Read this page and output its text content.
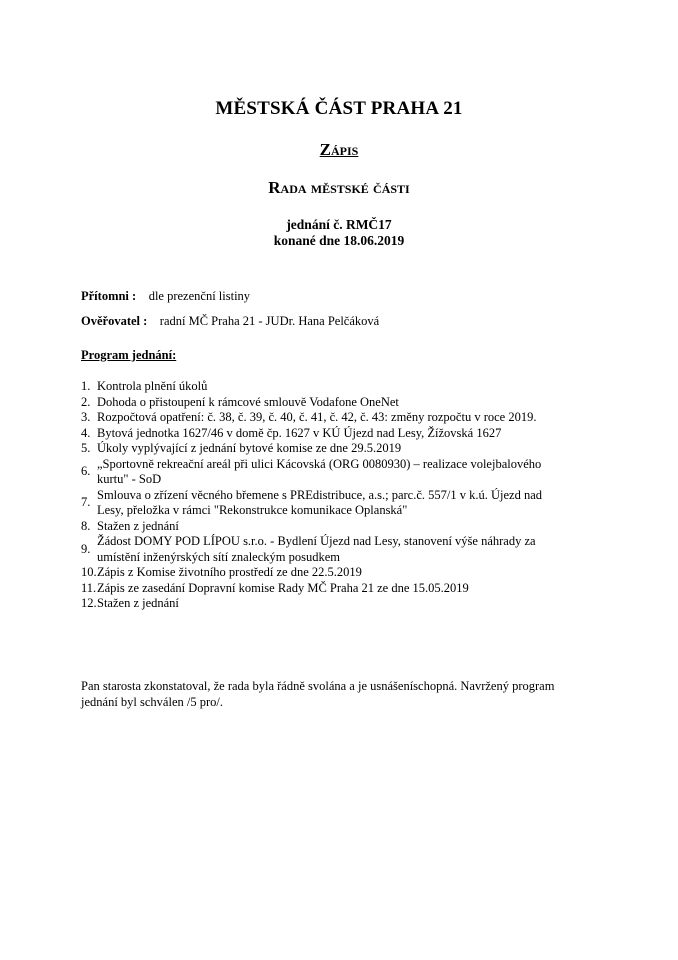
MĚSTSKÁ ČÁST PRAHA 21
Zápis
Rada městské části
jednání č. RMČ17
konané dne 18.06.2019
Přítomni : dle prezenční listiny
Ověřovatel : radní MČ Praha 21 - JUDr. Hana Pelčáková
Program jednání:
1. Kontrola plnění úkolů
2. Dohoda o přistoupení k rámcové smlouvě Vodafone OneNet
3. Rozpočtová opatření: č. 38, č. 39, č. 40, č. 41, č. 42, č. 43: změny rozpočtu v roce 2019.
4. Bytová jednotka 1627/46 v domě čp. 1627 v KÚ Újezd nad Lesy, Žížovská 1627
5. Úkoly vyplývající z jednání bytové komise ze dne 29.5.2019
6.
„Sportovně rekreační areál při ulici Kácovská (ORG 0080930) – realizace volejbalového kurtu" - SoD
7.
Smlouva o zřízení věcného břemene s PREdistribuce, a.s.; parc.č. 557/1 v k.ú. Újezd nad Lesy, přeložka v rámci "Rekonstrukce komunikace Oplanská"
8. Stažen z jednání
9.
Žádost DOMY POD LÍPOU s.r.o. - Bydlení Újezd nad Lesy, stanovení výše náhrady za umístění inženýrských sítí znaleckým posudkem
10. Zápis z Komise životního prostředí ze dne 22.5.2019
11. Zápis ze zasedání Dopravní komise Rady MČ Praha 21 ze dne 15.05.2019
12. Stažen z jednání
Pan starosta zkonstatoval, že rada byla řádně svolána a je usnášeníschopná. Navržený program jednání byl schválen /5 pro/.
